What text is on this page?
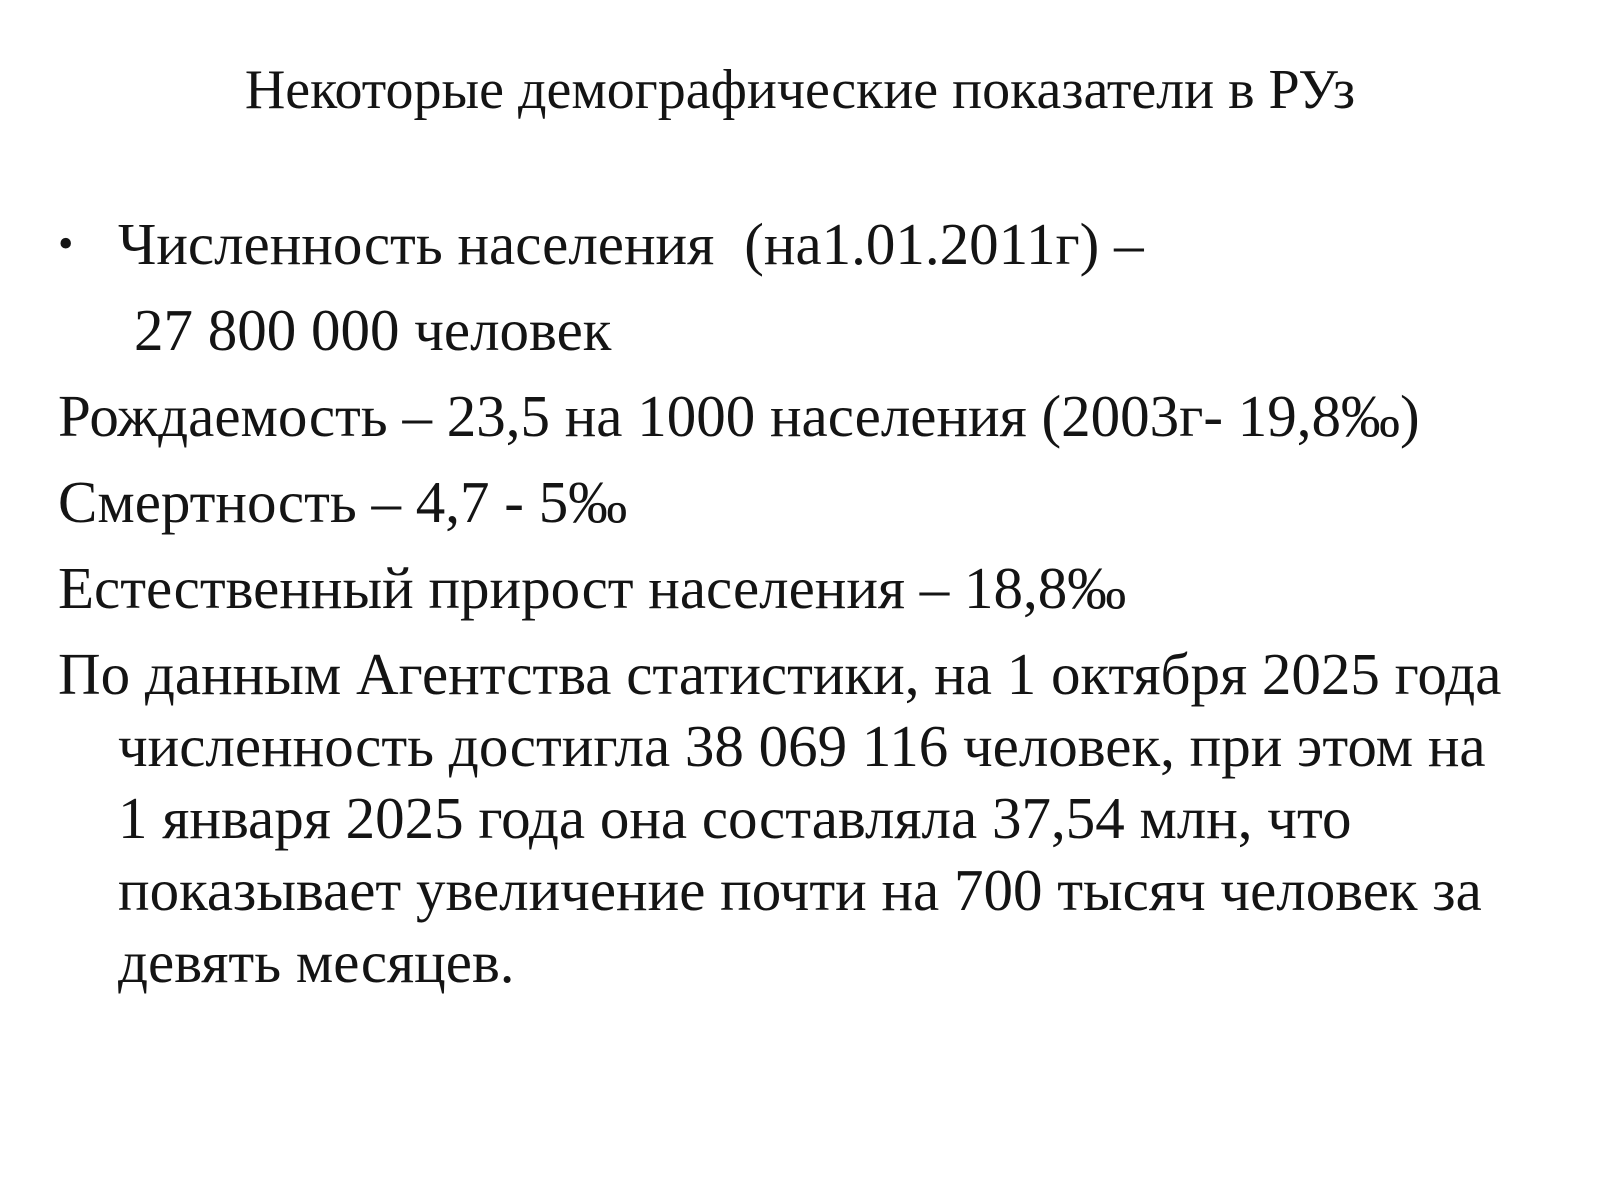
Некоторые демографические показатели в РУз
• Численность населения (на1.01.2011г) –
27 800 000 человек
Рождаемость – 23,5 на 1000 населения (2003г- 19,8‰)
Смертность – 4,7 - 5‰
Естественный прирост населения – 18,8‰
По данным Агентства статистики, на 1 октября 2025 года
численность достигла 38 069 116 человек, при этом на
1 января 2025 года она составляла 37,54 млн, что
показывает увеличение почти на 700 тысяч человек за
девять месяцев.
